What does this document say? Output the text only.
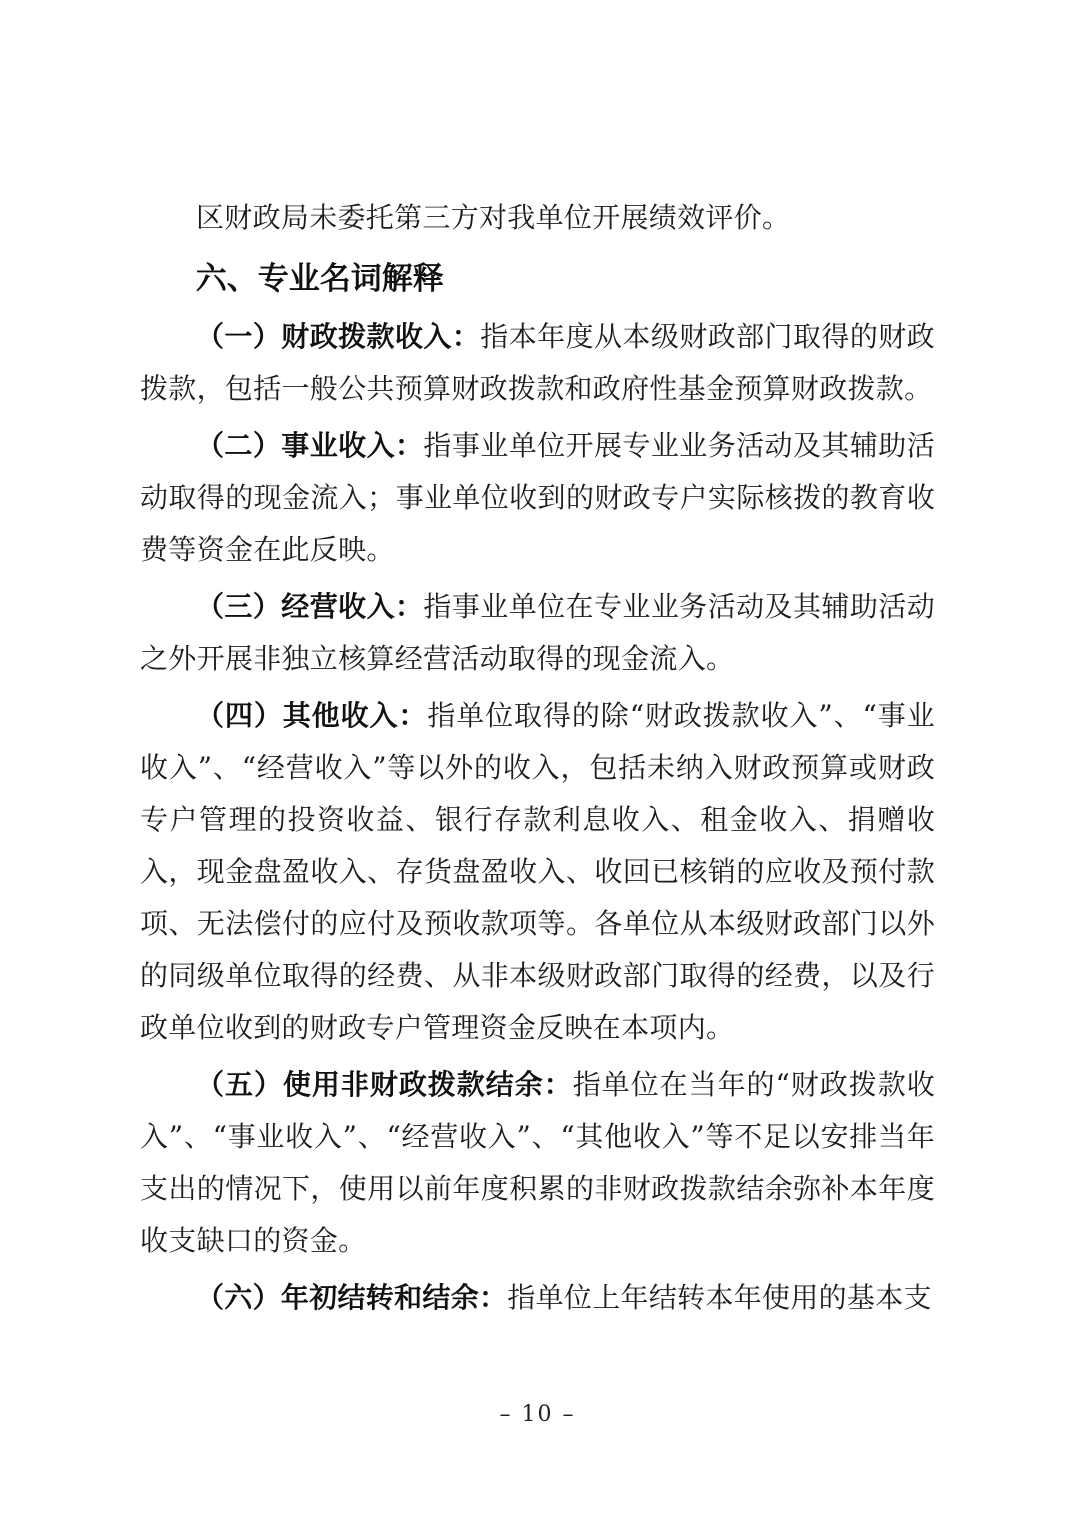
区财政局未委托第三方对我单位开展绩效评价。

六、专业名词解释

（一）财政拨款收入：指本年度从本级财政部门取得的财政拨款，包括一般公共预算财政拨款和政府性基金预算财政拨款。

（二）事业收入：指事业单位开展专业业务活动及其辅助活动取得的现金流入；事业单位收到的财政专户实际核拨的教育收费等资金在此反映。

（三）经营收入：指事业单位在专业业务活动及其辅助活动之外开展非独立核算经营活动取得的现金流入。

（四）其他收入：指单位取得的除“财政拨款收入”、“事业收入”、“经营收入”等以外的收入，包括未纳入财政预算或财政专户管理的投资收益、银行存款利息收入、租金收入、捐赠收入，现金盘盈收入、存货盘盈收入、收回已核销的应收及预付款项、无法偿付的应付及预收款项等。各单位从本级财政部门以外的同级单位取得的经费、从非本级财政部门取得的经费，以及行政单位收到的财政专户管理资金反映在本项内。

（五）使用非财政拨款结余：指单位在当年的“财政拨款收入”、“事业收入”、“经营收入”、“其他收入”等不足以安排当年支出的情况下，使用以前年度积累的非财政拨款结余弥补本年度收支缺口的资金。

（六）年初结转和结余：指单位上年结转本年使用的基本支

– 10 –
